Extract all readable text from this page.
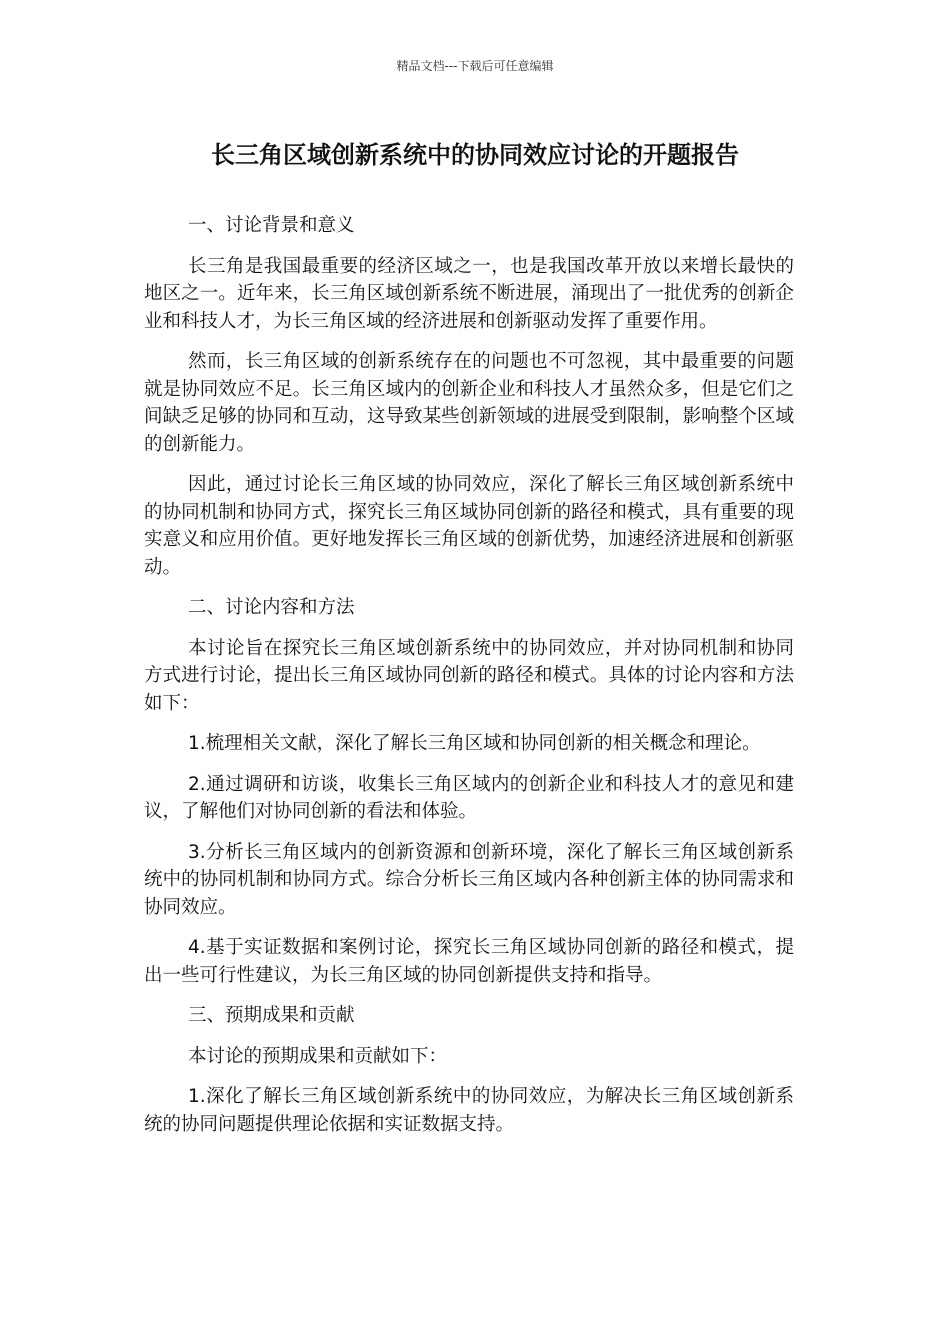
精品文档---下载后可任意编辑
长三角区域创新系统中的协同效应讨论的开题报告

一、讨论背景和意义

长三角是我国最重要的经济区域之一，也是我国改革开放以来增长最快的地区之一。近年来，长三角区域创新系统不断进展，涌现出了一批优秀的创新企业和科技人才，为长三角区域的经济进展和创新驱动发挥了重要作用。

然而，长三角区域的创新系统存在的问题也不可忽视，其中最重要的问题就是协同效应不足。长三角区域内的创新企业和科技人才虽然众多，但是它们之间缺乏足够的协同和互动，这导致某些创新领域的进展受到限制，影响整个区域的创新能力。

因此，通过讨论长三角区域的协同效应，深化了解长三角区域创新系统中的协同机制和协同方式，探究长三角区域协同创新的路径和模式，具有重要的现实意义和应用价值。更好地发挥长三角区域的创新优势，加速经济进展和创新驱动。

二、讨论内容和方法

本讨论旨在探究长三角区域创新系统中的协同效应，并对协同机制和协同方式进行讨论，提出长三角区域协同创新的路径和模式。具体的讨论内容和方法如下：

1.梳理相关文献，深化了解长三角区域和协同创新的相关概念和理论。

2.通过调研和访谈，收集长三角区域内的创新企业和科技人才的意见和建议，了解他们对协同创新的看法和体验。

3.分析长三角区域内的创新资源和创新环境，深化了解长三角区域创新系统中的协同机制和协同方式。综合分析长三角区域内各种创新主体的协同需求和协同效应。

4.基于实证数据和案例讨论，探究长三角区域协同创新的路径和模式，提出一些可行性建议，为长三角区域的协同创新提供支持和指导。

三、预期成果和贡献

本讨论的预期成果和贡献如下：

1.深化了解长三角区域创新系统中的协同效应，为解决长三角区域创新系统的协同问题提供理论依据和实证数据支持。
